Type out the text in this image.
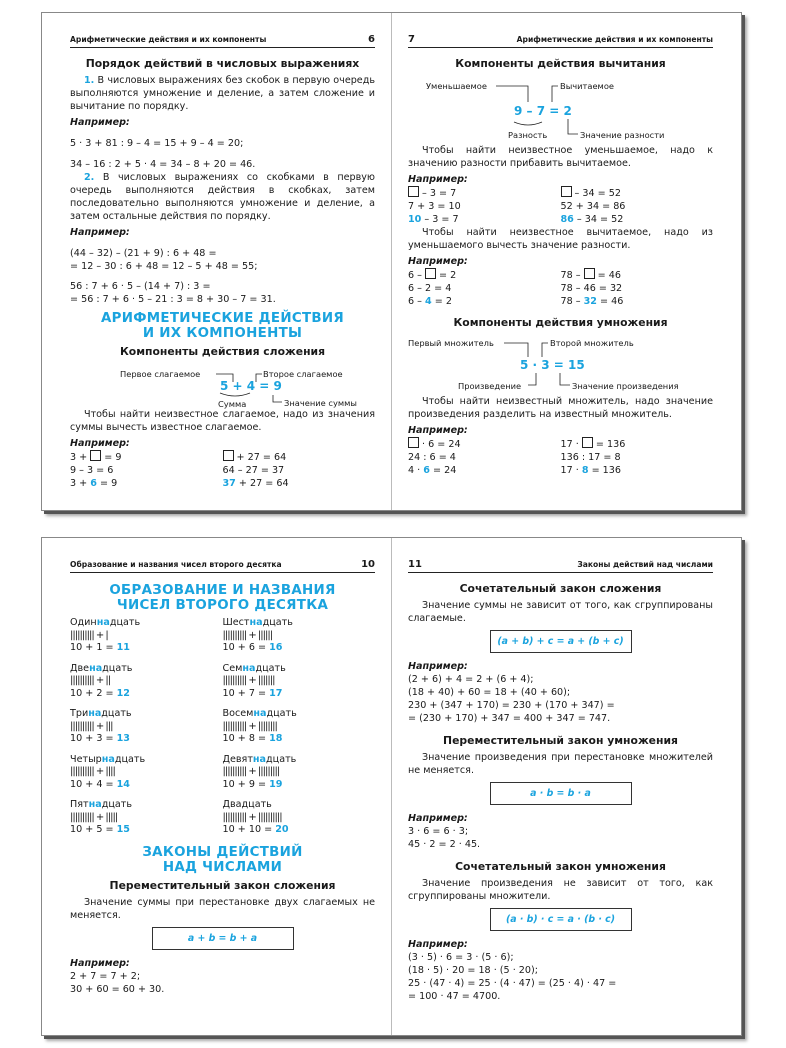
Арифметические действия и их компоненты	6
Порядок действий в числовых выражениях

1. В числовых выражениях без скобок в первую очередь выполняются умножение и деление, а затем сложение и вычитание по порядку.

Например:
5 · 3 + 81 : 9 – 4 = 15 + 9 – 4 = 20;
34 – 16 : 2 + 5 · 4 = 34 – 8 + 20 = 46.

2. В числовых выражениях со скобками в первую очередь выполняются действия в скобках, затем последовательно выполняются умножение и деление, а затем остальные действия по порядку.

Например:
(44 – 32) – (21 + 9) : 6 + 48 =
= 12 – 30 : 6 + 48 = 12 – 5 + 48 = 55;
56 : 7 + 6 · 5 – (14 + 7) : 3 =
= 56 : 7 + 6 · 5 – 21 : 3 = 8 + 30 – 7 = 31.
АРИФМЕТИЧЕСКИЕ ДЕЙСТВИЯ
И ИХ КОМПОНЕНТЫ
Компоненты действия сложения
Первое слагаемое	Второе слагаемое
5 + 4 = 9
Сумма	Значение суммы

Чтобы найти неизвестное слагаемое, надо из значения суммы вычесть известное слагаемое.

Например:
3 +  = 9
9 – 3 = 6
3 + 6 = 9
+ 27 = 64
64 – 27 = 37
37 + 27 = 64
7	Арифметические действия и их компоненты
Компоненты действия вычитания
Уменьшаемое	Вычитаемое
9 – 7 = 2
Разность	Значение разности

Чтобы найти неизвестное уменьшаемое, надо к значению разности прибавить вычитаемое.

Например:
– 3 = 7
7 + 3 = 10
10 – 3 = 7
– 34 = 52
52 + 34 = 86
86 – 34 = 52

Чтобы найти неизвестное вычитаемое, надо из уменьшаемого вычесть значение разности.

Например:
6 –  = 2
6 – 2 = 4
6 – 4 = 2
78 –  = 46
78 – 46 = 32
78 – 32 = 46
Компоненты действия умножения
Первый множитель	Второй множитель
5 · 3 = 15
Произведение	Значение произведения

Чтобы найти неизвестный множитель, надо значение произведения разделить на известный множитель.

Например:
· 6 = 24
24 : 6 = 4
4 · 6 = 24
17 ·  = 136
136 : 17 = 8
17 · 8 = 136
Образование и названия чисел второго десятка	10
ОБРАЗОВАНИЕ И НАЗВАНИЯ
ЧИСЕЛ ВТОРОГО ДЕСЯТКА
Одиннадцать
|||||||||| + |
10 + 1 = 11
Шестнадцать
|||||||||| + ||||||
10 + 6 = 16
Двенадцать
|||||||||| + ||
10 + 2 = 12
Семнадцать
|||||||||| + |||||||
10 + 7 = 17
Тринадцать
|||||||||| + |||
10 + 3 = 13
Восемнадцать
|||||||||| + ||||||||
10 + 8 = 18
Четырнадцать
|||||||||| + ||||
10 + 4 = 14
Девятнадцать
|||||||||| + |||||||||
10 + 9 = 19
Пятнадцать
|||||||||| + |||||
10 + 5 = 15
Двадцать
|||||||||| + ||||||||||
10 + 10 = 20
ЗАКОНЫ ДЕЙСТВИЙ
НАД ЧИСЛАМИ
Переместительный закон сложения

Значение суммы при перестановке двух слагаемых не меняется.

a + b = b + a
Например:
2 + 7 = 7 + 2;
30 + 60 = 60 + 30.
11	Законы действий над числами
Сочетательный закон сложения

Значение суммы не зависит от того, как сгруппированы слагаемые.

(a + b) + c = a + (b + c)
Например:
(2 + 6) + 4 = 2 + (6 + 4);
(18 + 40) + 60 = 18 + (40 + 60);
230 + (347 + 170) = 230 + (170 + 347) =
= (230 + 170) + 347 = 400 + 347 = 747.
Переместительный закон умножения

Значение произведения при перестановке множителей не меняется.

a · b = b · a
Например:
3 · 6 = 6 · 3;
45 · 2 = 2 · 45.
Сочетательный закон умножения

Значение произведения не зависит от того, как сгруппированы множители.

(a · b) · c = a · (b · c)
Например:
(3 · 5) · 6 = 3 · (5 · 6);
(18 · 5) · 20 = 18 · (5 · 20);
25 · (47 · 4) = 25 · (4 · 47) = (25 · 4) · 47 =
= 100 · 47 = 4700.
